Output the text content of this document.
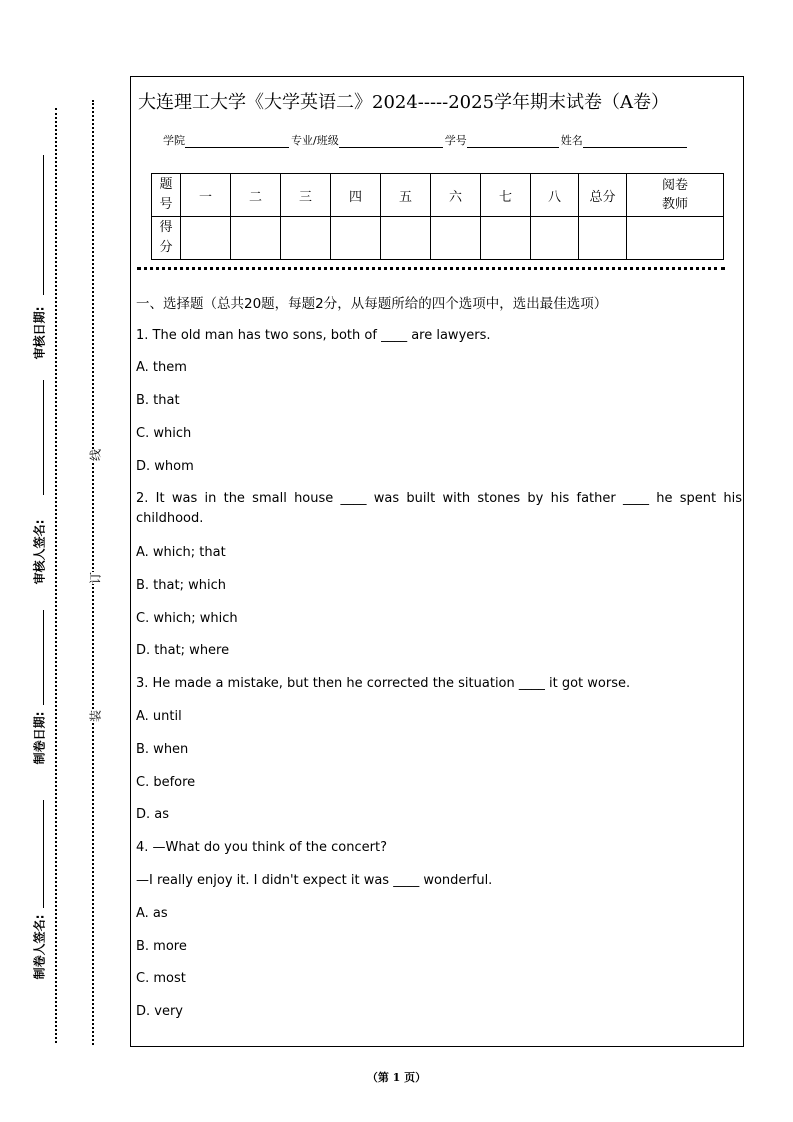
审核日期:
审核人签名:
制卷日期:
制卷人签名:
线
订
装
大连理工大学《大学英语二》2024-----2025学年期末试卷（A卷）
学院	专业/班级	学号	姓名
题号	一	二	三	四	五	六	七	八	总分	阅卷
教师
得分										
一、选择题（总共20题，每题2分，从每题所给的四个选项中，选出最佳选项）
1. The old man has two sons, both of ____ are lawyers.
A. them
B. that
C. which
D. whom
2. It was in the small house ____ was built with stones by his father ____ he spent his childhood.
A. which; that
B. that; which
C. which; which
D. that; where
3. He made a mistake, but then he corrected the situation ____ it got worse.
A. until
B. when
C. before
D. as
4. —What do you think of the concert?
—I really enjoy it. I didn't expect it was ____ wonderful.
A. as
B. more
C. most
D. very
（第 1 页）
